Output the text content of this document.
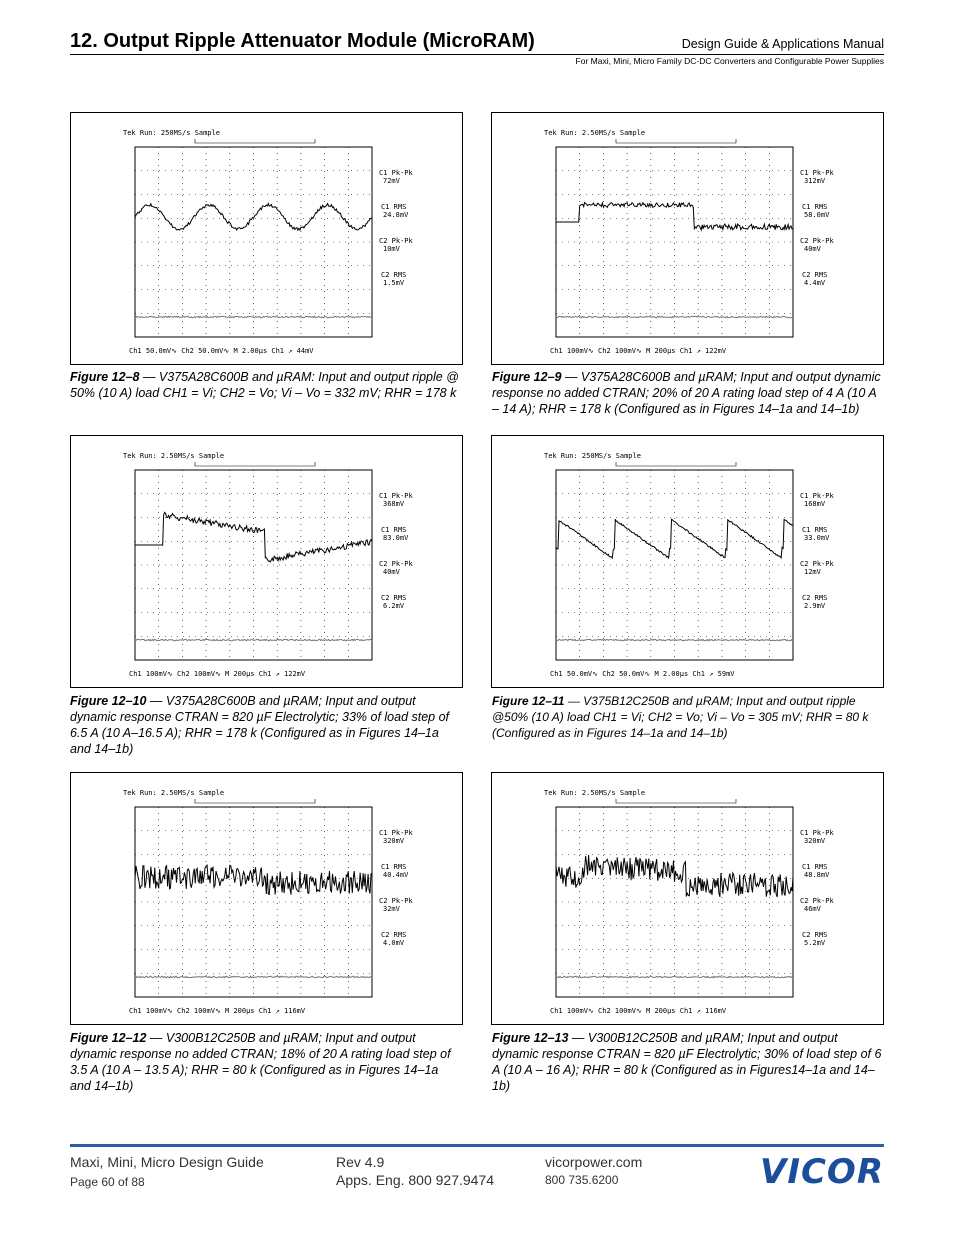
12. Output Ripple Attenuator Module (MicroRAM)	Design Guide & Applications Manual
For Maxi, Mini, Micro Family DC-DC Converters and Configurable Power Supplies
Tek Run: 250MS/s Sample
Ch1 50.0mV∿ Ch2 50.0mV∿ M 2.00µs Ch1 ↗ 44mV
C1 Pk-Pk
72mV
C1 RMS
24.8mV
C2 Pk-Pk
10mV
C2 RMS
1.5mV
Tek Run: 2.50MS/s Sample
Ch1 100mV∿ Ch2 100mV∿ M 200µs Ch1 ↗ 122mV
C1 Pk-Pk
312mV
C1 RMS
58.0mV
C2 Pk-Pk
40mV
C2 RMS
4.4mV
Tek Run: 2.50MS/s Sample
Ch1 100mV∿ Ch2 100mV∿ M 200µs Ch1 ↗ 122mV
C1 Pk-Pk
368mV
C1 RMS
83.0mV
C2 Pk-Pk
40mV
C2 RMS
6.2mV
Tek Run: 250MS/s Sample
Ch1 50.0mV∿ Ch2 50.0mV∿ M 2.00µs Ch1 ↗ 59mV
C1 Pk-Pk
168mV
C1 RMS
33.0mV
C2 Pk-Pk
12mV
C2 RMS
2.9mV
Tek Run: 2.50MS/s Sample
Ch1 100mV∿ Ch2 100mV∿ M 200µs Ch1 ↗ 116mV
C1 Pk-Pk
320mV
C1 RMS
40.4mV
C2 Pk-Pk
32mV
C2 RMS
4.0mV
Tek Run: 2.50MS/s Sample
Ch1 100mV∿ Ch2 100mV∿ M 200µs Ch1 ↗ 116mV
C1 Pk-Pk
320mV
C1 RMS
48.8mV
C2 Pk-Pk
46mV
C2 RMS
5.2mV
Figure 12–8 — V375A28C600B and µRAM: Input and output ripple @ 50% (10 A) load CH1 = Vi; CH2 = Vo; Vi – Vo = 332 mV; RHR = 178 k
Figure 12–9 — V375A28C600B and µRAM; Input and output dynamic response no added CTRAN; 20% of 20 A rating load step of 4 A (10 A – 14 A); RHR = 178 k (Configured as in Figures 14–1a and 14–1b)
Figure 12–10 — V375A28C600B and µRAM; Input and output dynamic response CTRAN = 820 µF Electrolytic; 33% of load step of 6.5 A (10 A–16.5 A); RHR = 178 k (Configured as in Figures 14–1a and 14–1b)
Figure 12–11 — V375B12C250B and µRAM; Input and output ripple @50% (10 A) load CH1 = Vi; CH2 = Vo; Vi – Vo = 305 mV; RHR = 80 k (Configured as in Figures 14–1a and 14–1b)
Figure 12–12 — V300B12C250B and µRAM; Input and output dynamic response no added CTRAN; 18% of 20 A rating load step of 3.5 A (10 A – 13.5 A); RHR = 80 k (Configured as in Figures 14–1a and 14–1b)
Figure 12–13 — V300B12C250B and µRAM; Input and output dynamic response CTRAN = 820 µF Electrolytic; 30% of load step of 6 A (10 A – 16 A); RHR = 80 k (Configured as in Figures14–1a and 14–1b)
Maxi, Mini, Micro Design Guide
Page 60 of 88
Rev 4.9
Apps. Eng. 800 927.9474
vicorpower.com
800 735.6200	VICOR
